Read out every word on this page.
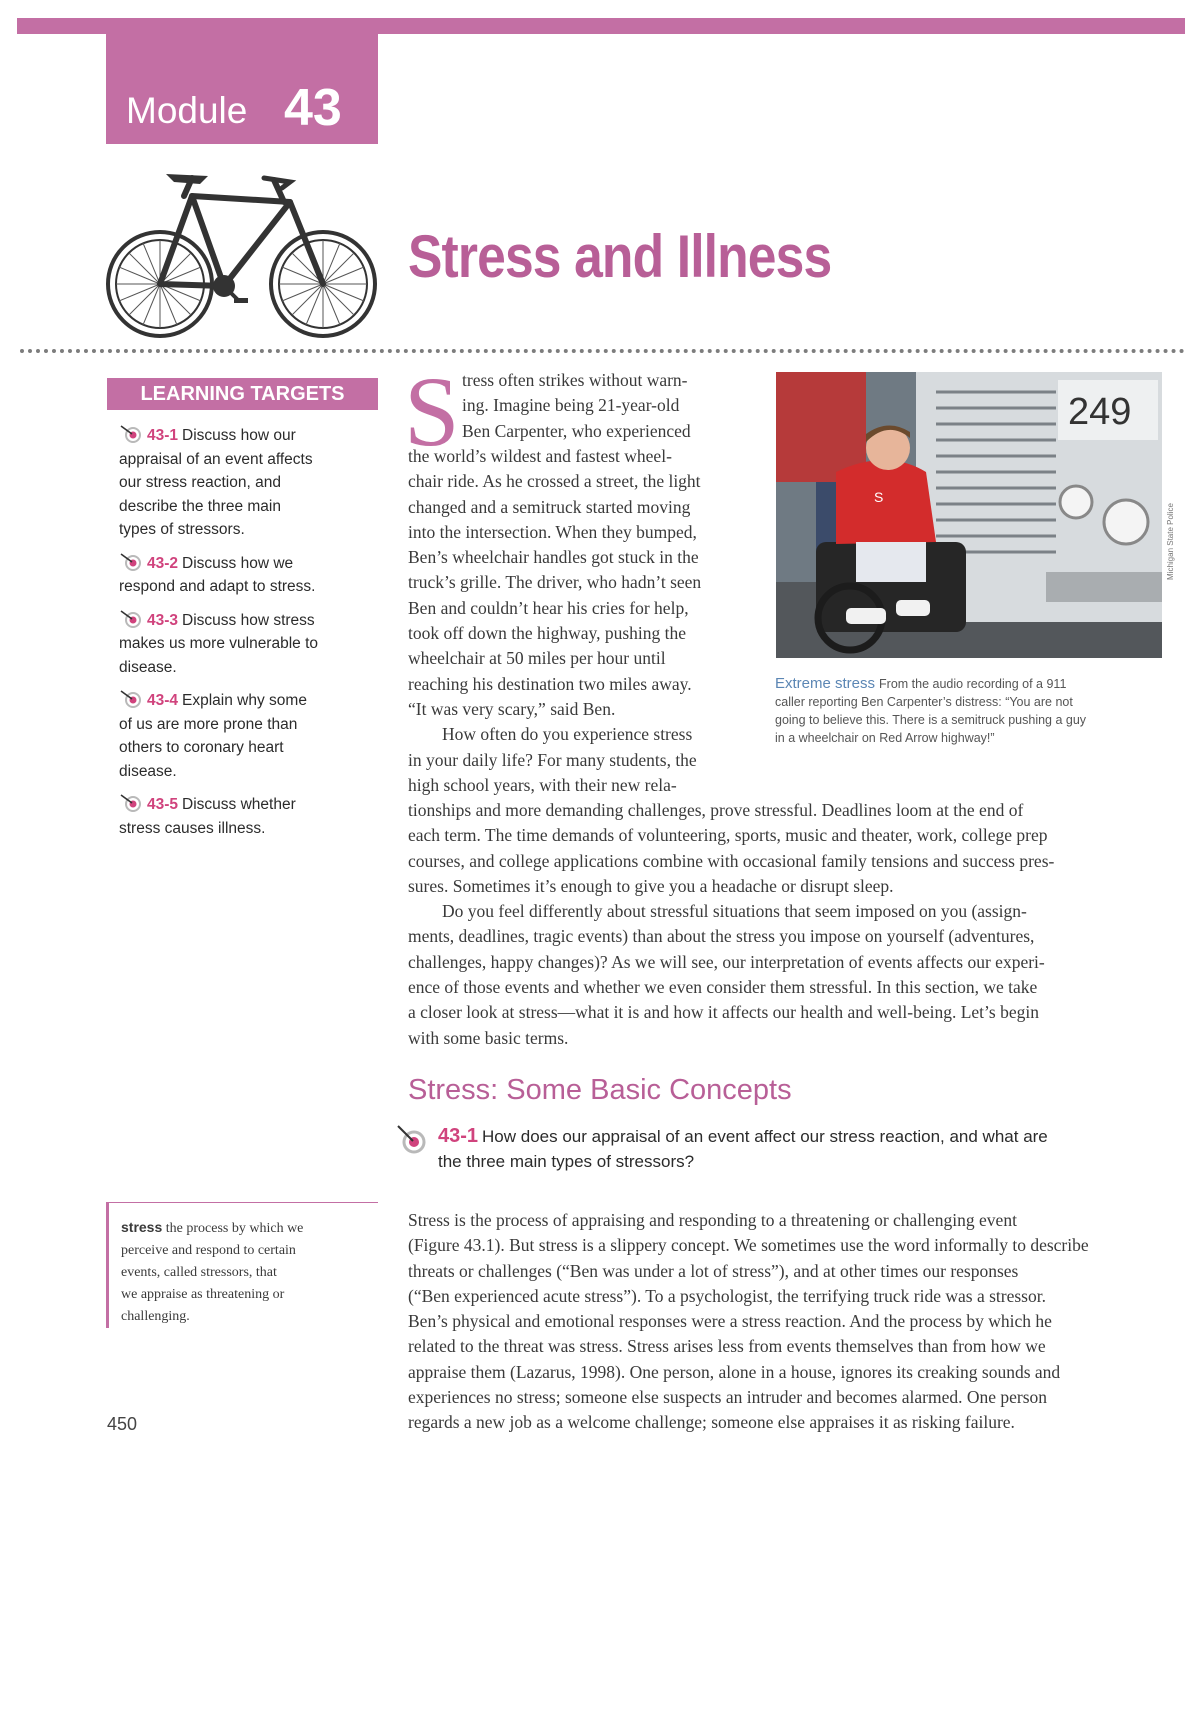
Module 43
Stress and Illness
LEARNING TARGETS
43-1 Discuss how our
appraisal of an event affects
our stress reaction, and
describe the three main
types of stressors.
43-2 Discuss how we
respond and adapt to stress.
43-3 Discuss how stress
makes us more vulnerable to
disease.
43-4 Explain why some
of us are more prone than
others to coronary heart
disease.
43-5 Discuss whether
stress causes illness.
S tress often strikes without warn-
ing. Imagine being 21-year-old
Ben Carpenter, who experienced
the world’s wildest and fastest wheel-
chair ride. As he crossed a street, the light
changed and a semitruck started moving
into the intersection. When they bumped,
Ben’s wheelchair handles got stuck in the
truck’s grille. The driver, who hadn’t seen
Ben and couldn’t hear his cries for help,
took off down the highway, pushing the
wheelchair at 50 miles per hour until
reaching his destination two miles away.
“It was very scary,” said Ben.
How often do you experience stress
in your daily life? For many students, the
high school years, with their new rela-
tionships and more demanding challenges, prove stressful. Deadlines loom at the end of
each term. The time demands of volunteering, sports, music and theater, work, college prep
courses, and college applications combine with occasional family tensions and success pres-
sures. Sometimes it’s enough to give you a headache or disrupt sleep.
Do you feel differently about stressful situations that seem imposed on you (assign-
ments, deadlines, tragic events) than about the stress you impose on yourself (adventures,
challenges, happy changes)? As we will see, our interpretation of events affects our experi-
ence of those events and whether we even consider them stressful. In this section, we take
a closer look at stress—what it is and how it affects our health and well-being. Let’s begin
with some basic terms.
249
S
Michigan State Police
Extreme stress From the audio recording of a 911
caller reporting Ben Carpenter’s distress: “You are not
going to believe this. There is a semitruck pushing a guy
in a wheelchair on Red Arrow highway!”
Stress: Some Basic Concepts
43-1 How does our appraisal of an event affect our stress reaction, and what are
the three main types of stressors?
stress the process by which we
perceive and respond to certain
events, called stressors, that
we appraise as threatening or
challenging.
Stress is the process of appraising and responding to a threatening or challenging event
(Figure 43.1). But stress is a slippery concept. We sometimes use the word informally to describe
threats or challenges (“Ben was under a lot of stress”), and at other times our responses
(“Ben experienced acute stress”). To a psychologist, the terrifying truck ride was a stressor.
Ben’s physical and emotional responses were a stress reaction. And the process by which he
related to the threat was stress. Stress arises less from events themselves than from how we
appraise them (Lazarus, 1998). One person, alone in a house, ignores its creaking sounds and
experiences no stress; someone else suspects an intruder and becomes alarmed. One person
regards a new job as a welcome challenge; someone else appraises it as risking failure.
450
